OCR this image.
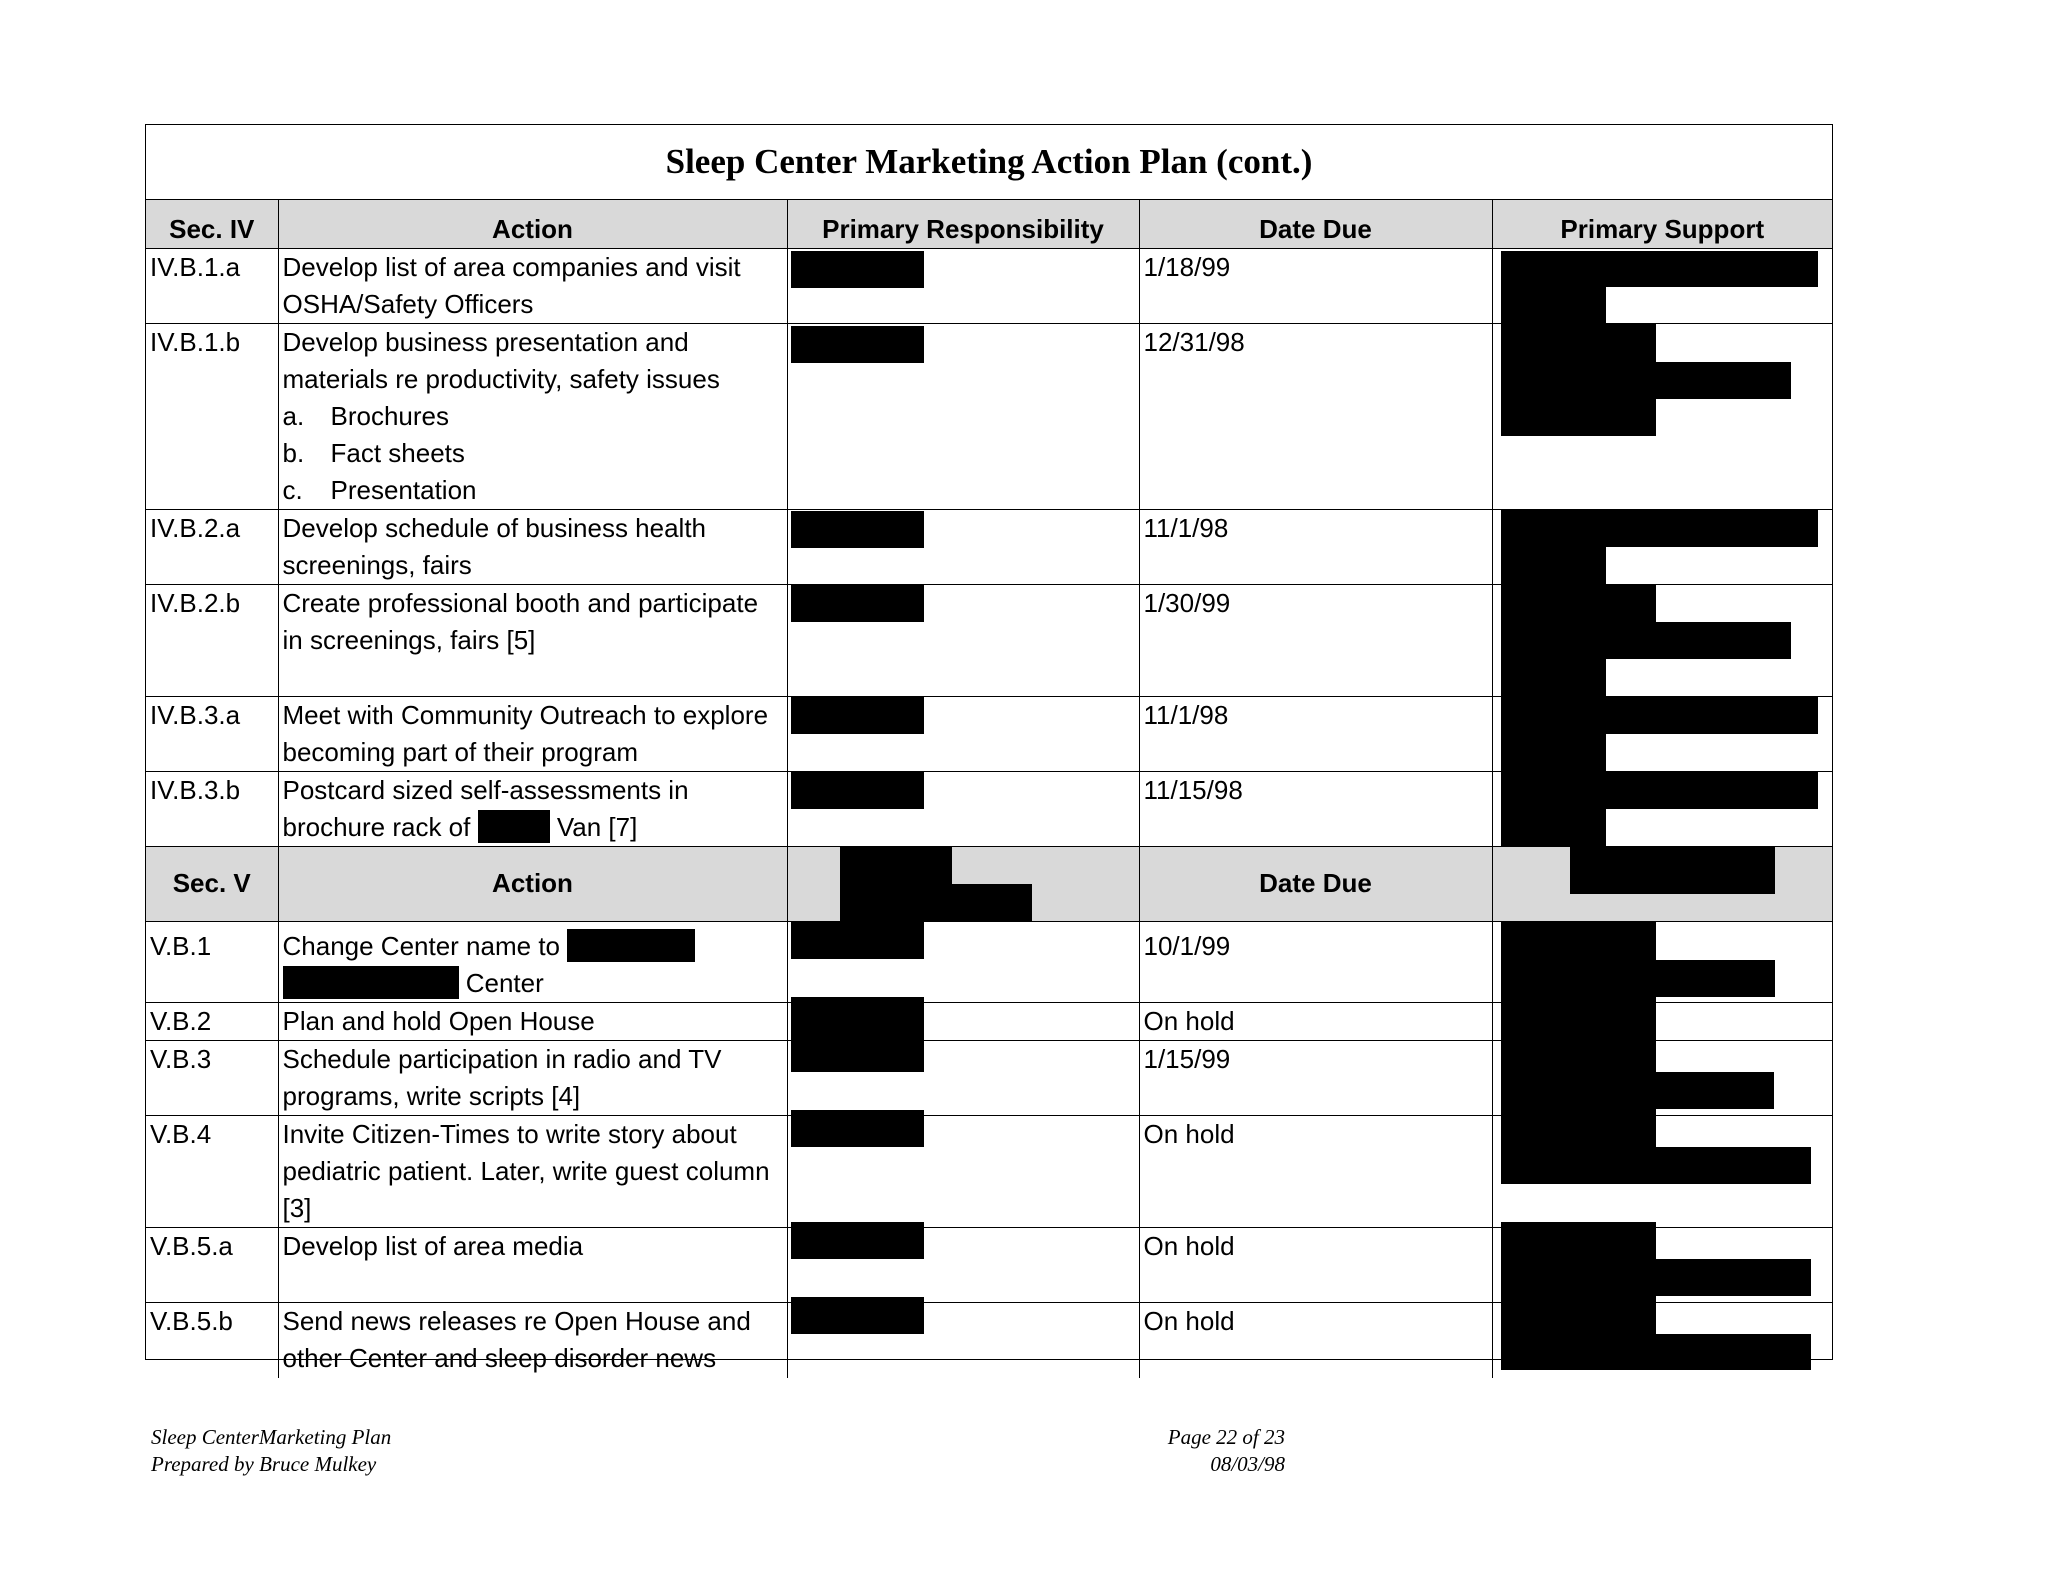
Sleep Center Marketing Action Plan (cont.)
Sec. IV	Action	Primary Responsibility	Date Due	Primary Support
IV.B.1.a	Develop list of area companies and visit OSHA/Safety Officers		1/18/99	
IV.B.1.b	Develop business presentation and materials re productivity, safety issues
a. Brochures
b. Fact sheets
c. Presentation		12/31/98	
IV.B.2.a	Develop schedule of business health screenings, fairs		11/1/98	
IV.B.2.b	Create professional booth and participate in screenings, fairs [5]		1/30/99	
IV.B.3.a	Meet with Community Outreach to explore becoming part of their program		11/1/98	
IV.B.3.b	Postcard sized self-assessments in brochure rack of Van [7]		11/15/98	
Sec. V	Action		Date Due	
V.B.1	Change Center name to
Center		10/1/99	
V.B.2	Plan and hold Open House		On hold	
V.B.3	Schedule participation in radio and TV programs, write scripts [4]		1/15/99	
V.B.4	Invite Citizen-Times to write story about pediatric patient. Later, write guest column [3]		On hold	
V.B.5.a	Develop list of area media		On hold	
V.B.5.b	Send news releases re Open House and other Center and sleep disorder news		On hold	
Sleep CenterMarketing Plan
Prepared by Bruce Mulkey
Page 22 of 23
08/03/98
